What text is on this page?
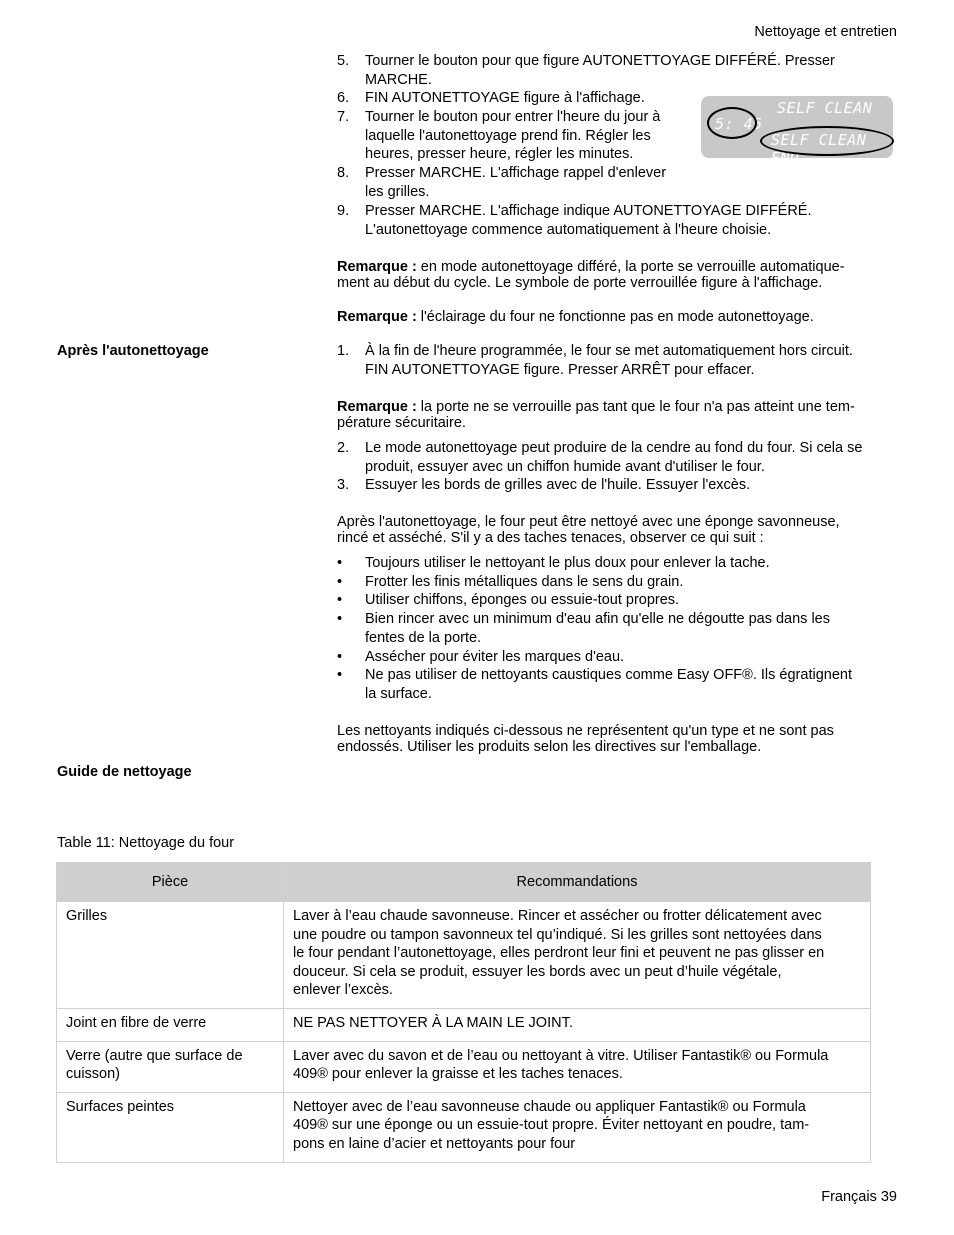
Nettoyage et entretien
5.	Tourner le bouton pour que figure AUTONETTOYAGE DIFFÉRÉ. Presser
MARCHE.
6.	FIN AUTONETTOYAGE figure à l'affichage.
7.	Tourner le bouton pour entrer l'heure du jour à
laquelle l'autonettoyage prend fin. Régler les
heures, presser heure, régler les minutes.
8.	Presser MARCHE. L'affichage rappel d'enlever
les grilles.
9.	Presser MARCHE. L'affichage indique AUTONETTOYAGE DIFFÉRÉ.
L'autonettoyage commence automatiquement à l'heure choisie.
SELF CLEAN
5: 45
SELF CLEAN END
Remarque : en mode autonettoyage différé, la porte se verrouille automatique-
ment au début du cycle. Le symbole de porte verrouillée figure à l'affichage.
Remarque : l'éclairage du four ne fonctionne pas en mode autonettoyage.
Après l'autonettoyage	1.	À la fin de l'heure programmée, le four se met automatiquement hors circuit.
FIN AUTONETTOYAGE figure. Presser ARRÊT pour effacer.
Remarque : la porte ne se verrouille pas tant que le four n'a pas atteint une tem-
pérature sécuritaire.
2.	Le mode autonettoyage peut produire de la cendre au fond du four. Si cela se
produit, essuyer avec un chiffon humide avant d'utiliser le four.
3.	Essuyer les bords de grilles avec de l'huile. Essuyer l'excès.
Après l'autonettoyage, le four peut être nettoyé avec une éponge savonneuse,
rincé et asséché. S'il y a des taches tenaces, observer ce qui suit :
•	Toujours utiliser le nettoyant le plus doux pour enlever la tache.
•	Frotter les finis métalliques dans le sens du grain.
•	Utiliser chiffons, éponges ou essuie-tout propres.
•	Bien rincer avec un minimum d'eau afin qu'elle ne dégoutte pas dans les
fentes de la porte.
•	Assécher pour éviter les marques d'eau.
•	Ne pas utiliser de nettoyants caustiques comme Easy OFF®. Ils égratignent
la surface.
Les nettoyants indiqués ci-dessous ne représentent qu'un type et ne sont pas
endossés. Utiliser les produits selon les directives sur l'emballage.
Guide de nettoyage
Table 11: Nettoyage du four
Pièce	Recommandations
Grilles	Laver à l’eau chaude savonneuse. Rincer et assécher ou frotter délicatement avec
une poudre ou tampon savonneux tel qu’indiqué. Si les grilles sont nettoyées dans
le four pendant l’autonettoyage, elles perdront leur fini et peuvent ne pas glisser en
douceur. Si cela se produit, essuyer les bords avec un peut d’huile végétale,
enlever l’excès.
Joint en fibre de verre	NE PAS NETTOYER À LA MAIN LE JOINT.
Verre (autre que surface de
cuisson)	Laver avec du savon et de l’eau ou nettoyant à vitre. Utiliser Fantastik® ou Formula
409® pour enlever la graisse et les taches tenaces.
Surfaces peintes	Nettoyer avec de l’eau savonneuse chaude ou appliquer Fantastik® ou Formula
409® sur une éponge ou un essuie-tout propre. Éviter nettoyant en poudre, tam-
pons en laine d’acier et nettoyants pour four
Français 39
